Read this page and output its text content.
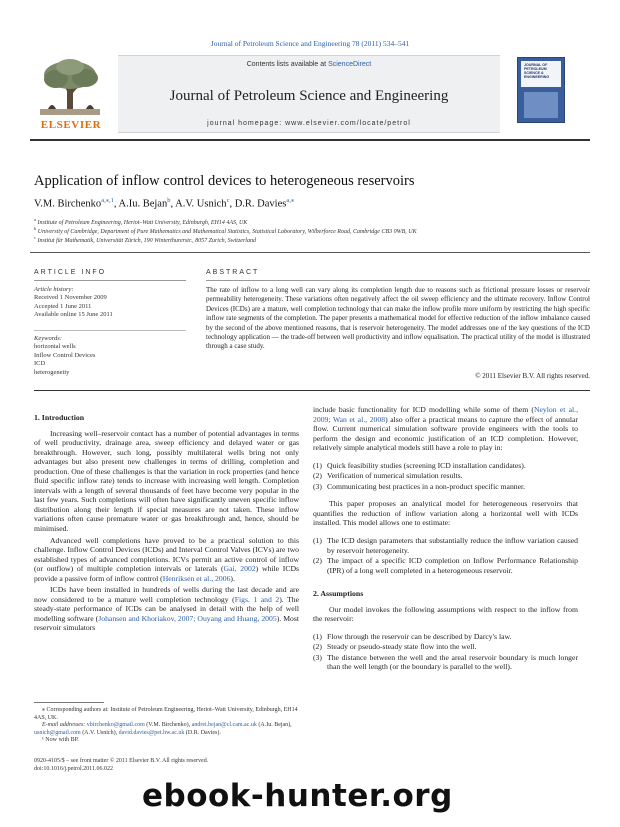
Journal of Petroleum Science and Engineering 78 (2011) 534–541
ELSEVIER
Contents lists available at ScienceDirect
Journal of Petroleum Science and Engineering
journal homepage: www.elsevier.com/locate/petrol
JOURNAL OF PETROLEUM SCIENCE & ENGINEERING
Application of inflow control devices to heterogeneous reservoirs
V.M. Birchenko$^{a,⁎,1}$, A.Iu. Bejan$^b$, A.V. Usnich$^c$, D.R. Davies$^{a,⁎}$
$^a$ Institute of Petroleum Engineering, Heriot–Watt University, Edinburgh, EH14 4AS, UK
$^b$ University of Cambridge, Department of Pure Mathematics and Mathematical Statistics, Statistical Laboratory, Wilberforce Road, Cambridge CB3 0WB, UK
$^c$ Institut für Mathematik, Universität Zürich, 190 Winterthurerstr., 8057 Zurich, Switzerland
ARTICLE INFO	ABSTRACT
Article history:
Received 1 November 2009
Accepted 1 June 2011
Available online 15 June 2011
Keywords:
horizontal wells
Inflow Control Devices
ICD
heterogeneity
The rate of inflow to a long well can vary along its completion length due to reasons such as frictional pressure losses or reservoir permeability heterogeneity. These variations often negatively affect the oil sweep efficiency and the ultimate recovery. Inflow Control Devices (ICDs) are a mature, well completion technology that can make the inflow profile more uniform by restricting the high specific inflow rate segments of the completion. The paper presents a mathematical model for effective reduction of the inflow imbalance caused by the second of the above mentioned reasons, that is reservoir heterogeneity. The model addresses one of the key questions of the ICD technology application — the trade-off between well productivity and inflow equalisation. The practical utility of the model is illustrated through a case study.
© 2011 Elsevier B.V. All rights reserved.
1. Introduction

Increasing well–reservoir contact has a number of potential advantages in terms of well productivity, drainage area, sweep efficiency and delayed water or gas breakthrough. However, such long, possibly multilateral wells bring not only advantages but also present new challenges in terms of drilling, completion and production. One of these challenges is that the variation in rock properties (and hence fluid specific inflow rate) tends to increase with increasing well length. Completion intervals with a length of several thousands of feet have become very popular in the last few years. Such completions will often have significantly uneven specific inflow distribution along their length if special measures are not taken. These inflow variations often cause premature water or gas breakthrough and, hence, should be minimised.

Advanced well completions have proved to be a practical solution to this challenge. Inflow Control Devices (ICDs) and Interval Control Valves (ICVs) are two established types of advanced completions. ICVs permit an active control of inflow (or outflow) of multiple completion intervals or laterals (Gai, 2002) while ICDs provide a passive form of inflow control (Henriksen et al., 2006).

ICDs have been installed in hundreds of wells during the last decade and are now considered to be a mature well completion technology (Figs. 1 and 2). The steady-state performance of ICDs can be analysed in detail with the help of well modelling software (Johansen and Khoriakov, 2007; Ouyang and Huang, 2005). Most reservoir simulators

include basic functionality for ICD modelling while some of them (Neylon et al., 2009; Wan et al., 2008) also offer a practical means to capture the effect of annular flow. Current numerical simulation software provide engineers with the tools to perform the design and economic justification of an ICD completion. However, relatively simple analytical models still have a role to play in:

(1) Quick feasibility studies (screening ICD installation candidates).
(2) Verification of numerical simulation results.
(3) Communicating best practices in a non-product specific manner.

This paper proposes an analytical model for heterogeneous reservoirs that quantifies the reduction of inflow variation along a horizontal well with ICDs installed. This model allows one to estimate:

(1) The ICD design parameters that substantially reduce the inflow variation caused by reservoir heterogeneity.
(2) The impact of a specific ICD completion on Inflow Performance Relationship (IPR) of a long well completed in a heterogeneous reservoir.
2. Assumptions

Our model invokes the following assumptions with respect to the inflow from the reservoir:

(1) Flow through the reservoir can be described by Darcy's law.
(2) Steady or pseudo-steady state flow into the well.
(3) The distance between the well and the areal reservoir boundary is much longer than the well length (or the boundary is parallel to the well).
⁎ Corresponding authors at: Institute of Petroleum Engineering, Heriot–Watt University, Edinburgh, EH14 4AS, UK.
E-mail addresses: vbirchenko@gmail.com (V.M. Birchenko), andrei.bejan@cl.cam.ac.uk (A.Iu. Bejan), usnich@gmail.com (A.V. Usnich), david.davies@pet.hw.ac.uk (D.R. Davies).
¹ Now with BP.
0920-4105/$ – see front matter © 2011 Elsevier B.V. All rights reserved.
doi:10.1016/j.petrol.2011.06.022
ebook-hunter.org
